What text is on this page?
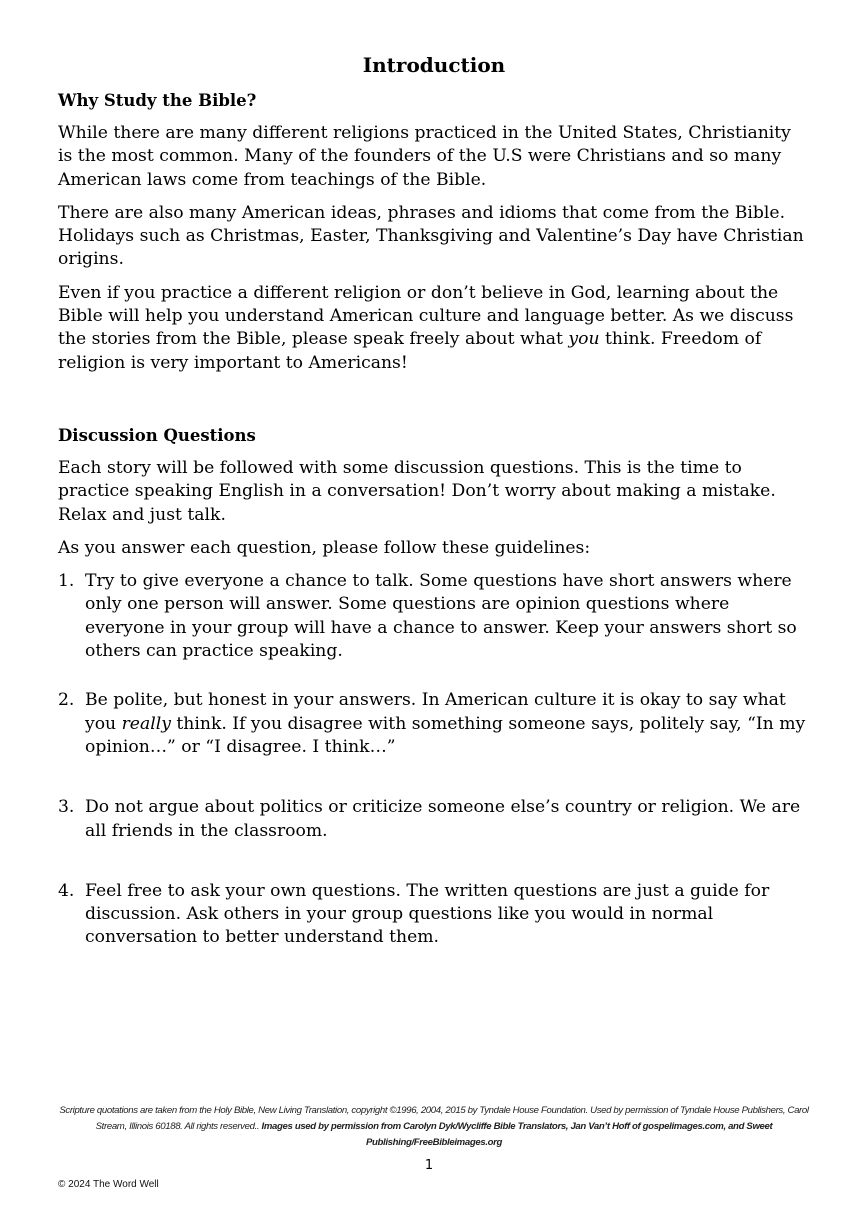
Introduction
Why Study the Bible?

While there are many different religions practiced in the United States, Christianity is the most common. Many of the founders of the U.S were Christians and so many American laws come from teachings of the Bible.

There are also many American ideas, phrases and idioms that come from the Bible. Holidays such as Christmas, Easter, Thanksgiving and Valentine’s Day have Christian origins.

Even if you practice a different religion or don’t believe in God, learning about the Bible will help you understand American culture and language better. As we discuss the stories from the Bible, please speak freely about what you think. Freedom of religion is very important to Americans!

Discussion Questions

Each story will be followed with some discussion questions. This is the time to practice speaking English in a conversation! Don’t worry about making a mistake. Relax and just talk.

As you answer each question, please follow these guidelines:

1. Try to give everyone a chance to talk. Some questions have short answers where only one person will answer. Some questions are opinion questions where everyone in your group will have a chance to answer. Keep your answers short so others can practice speaking.
2. Be polite, but honest in your answers. In American culture it is okay to say what you really think. If you disagree with something someone says, politely say, “In my opinion…” or “I disagree. I think…”
3. Do not argue about politics or criticize someone else’s country or religion. We are all friends in the classroom.
4. Feel free to ask your own questions. The written questions are just a guide for discussion. Ask others in your group questions like you would in normal conversation to better understand them.
Scripture quotations are taken from the Holy Bible, New Living Translation, copyright ©1996, 2004, 2015 by Tyndale House Foundation. Used by permission of Tyndale House Publishers, Carol Stream, Illinois 60188. All rights reserved.. Images used by permission from Carolyn Dyk/Wycliffe Bible Translators, Jan Van’t Hoff of gospelimages.com, and Sweet Publishing/FreeBibleimages.org
1
© 2024 The Word Well
